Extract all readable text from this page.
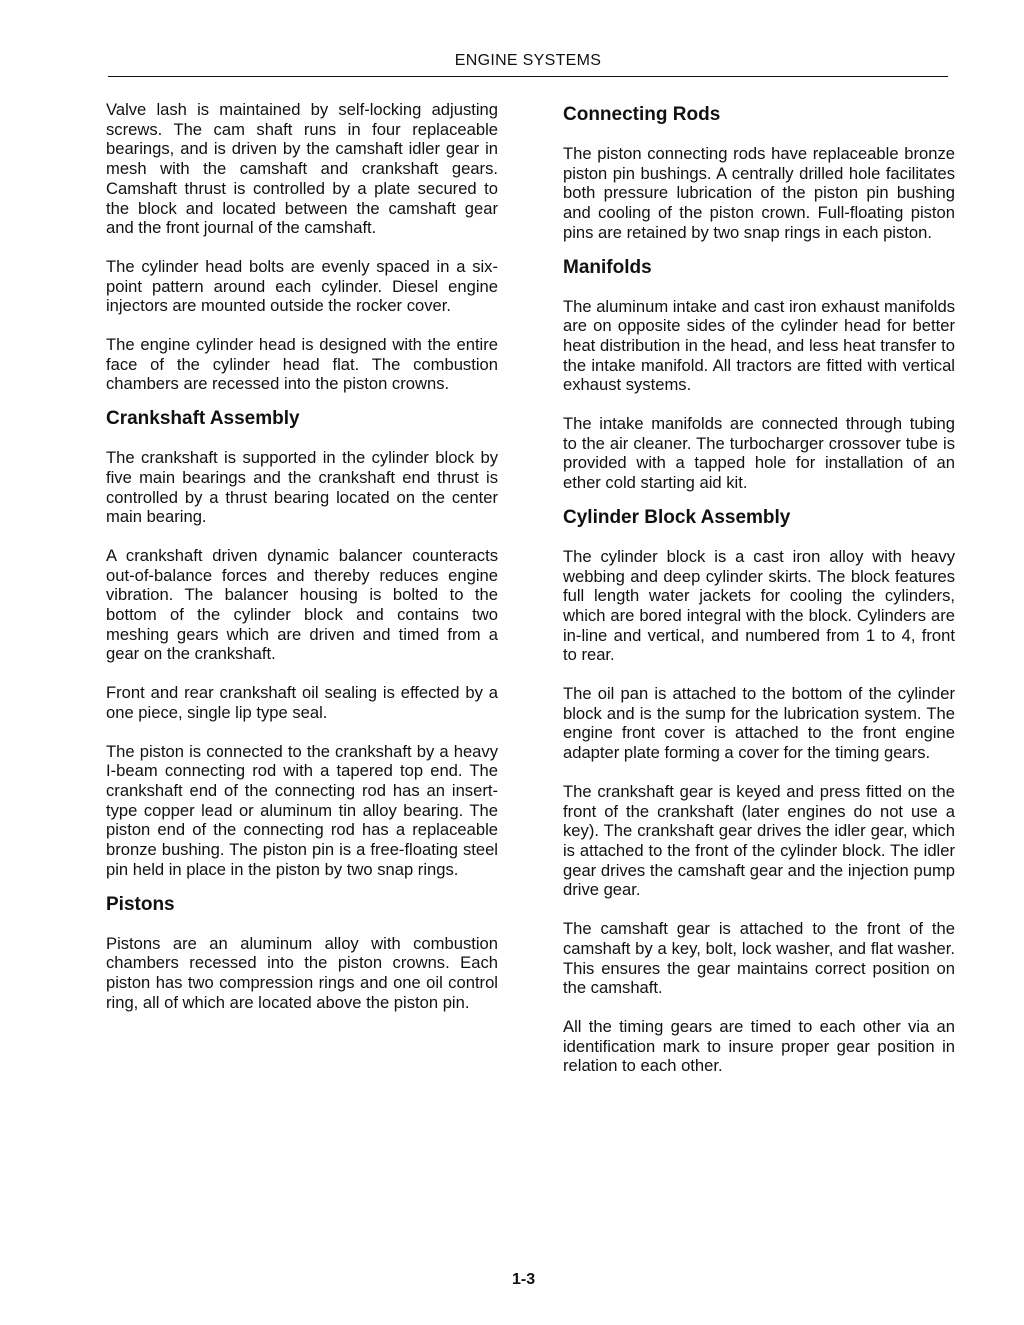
ENGINE SYSTEMS

Valve lash is maintained by self-locking adjusting screws. The cam shaft runs in four replaceable bearings, and is driven by the camshaft idler gear in mesh with the camshaft and crankshaft gears. Camshaft thrust is controlled by a plate secured to the block and located between the camshaft gear and the front journal of the camshaft.

The cylinder head bolts are evenly spaced in a six-point pattern around each cylinder. Diesel engine injectors are mounted outside the rocker cover.

The engine cylinder head is designed with the entire face of the cylinder head flat. The combustion chambers are recessed into the piston crowns.

Crankshaft Assembly

The crankshaft is supported in the cylinder block by five main bearings and the crankshaft end thrust is controlled by a thrust bearing located on the center main bearing.

A crankshaft driven dynamic balancer counteracts out-of-balance forces and thereby reduces engine vibration. The balancer housing is bolted to the bottom of the cylinder block and contains two meshing gears which are driven and timed from a gear on the crankshaft.

Front and rear crankshaft oil sealing is effected by a one piece, single lip type seal.

The piston is connected to the crankshaft by a heavy I-beam connecting rod with a tapered top end. The crankshaft end of the connecting rod has an insert-type copper lead or aluminum tin alloy bearing. The piston end of the connecting rod has a replaceable bronze bushing. The piston pin is a free-floating steel pin held in place in the piston by two snap rings.

Pistons

Pistons are an aluminum alloy with combustion chambers recessed into the piston crowns. Each piston has two compression rings and one oil control ring, all of which are located above the piston pin.

Connecting Rods

The piston connecting rods have replaceable bronze piston pin bushings. A centrally drilled hole facilitates both pressure lubrication of the piston pin bushing and cooling of the piston crown. Full-floating piston pins are retained by two snap rings in each piston.

Manifolds

The aluminum intake and cast iron exhaust manifolds are on opposite sides of the cylinder head for better heat distribution in the head, and less heat transfer to the intake manifold. All tractors are fitted with vertical exhaust systems.

The intake manifolds are connected through tubing to the air cleaner. The turbocharger crossover tube is provided with a tapped hole for installation of an ether cold starting aid kit.

Cylinder Block Assembly

The cylinder block is a cast iron alloy with heavy webbing and deep cylinder skirts. The block features full length water jackets for cooling the cylinders, which are bored integral with the block. Cylinders are in-line and vertical, and numbered from 1 to 4, front to rear.

The oil pan is attached to the bottom of the cylinder block and is the sump for the lubrication system. The engine front cover is attached to the front engine adapter plate forming a cover for the timing gears.

The crankshaft gear is keyed and press fitted on the front of the crankshaft (later engines do not use a key). The crankshaft gear drives the idler gear, which is attached to the front of the cylinder block. The idler gear drives the camshaft gear and the injection pump drive gear.

The camshaft gear is attached to the front of the camshaft by a key, bolt, lock washer, and flat washer. This ensures the gear maintains correct position on the camshaft.

All the timing gears are timed to each other via an identification mark to insure proper gear position in relation to each other.

1-3
